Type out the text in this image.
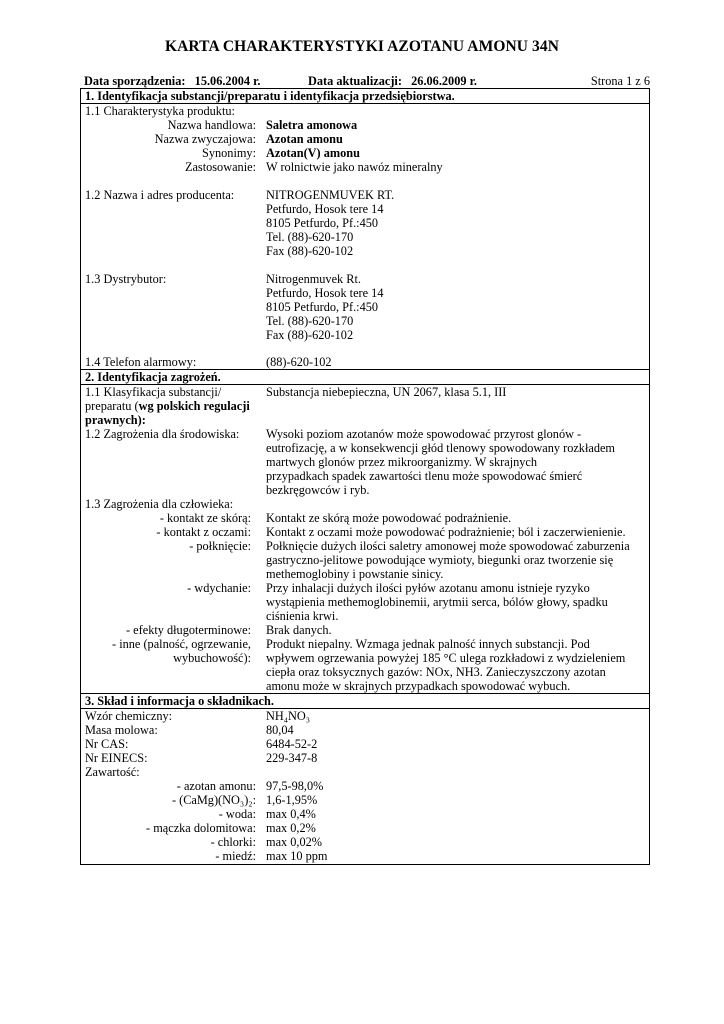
KARTA CHARAKTERYSTYKI AZOTANU AMONU 34N
Data sporządzenia: 15.06.2004 r.	Data aktualizacji: 26.06.2009 r.	Strona 1 z 6
1. Identyfikacja substancji/preparatu i identyfikacja przedsiębiorstwa.
1.1 Charakterystyka produktu:
Nazwa handlowa: Saletra amonowa
Nazwa zwyczajowa: Azotan amonu
Synonimy: Azotan(V) amonu
Zastosowanie: W rolnictwie jako nawóz mineralny
1.2 Nazwa i adres producenta:	NITROGENMUVEK RT.
Petfurdo, Hosok tere 14
8105 Petfurdo, Pf.:450
Tel. (88)-620-170
Fax (88)-620-102
1.3 Dystrybutor:	Nitrogenmuvek Rt.
Petfurdo, Hosok tere 14
8105 Petfurdo, Pf.:450
Tel. (88)-620-170
Fax (88)-620-102
1.4 Telefon alarmowy:	(88)-620-102
2. Identyfikacja zagrożeń.
1.1 Klasyfikacja substancji/
preparatu (wg polskich regulacji
prawnych):
Substancja niebepieczna, UN 2067, klasa 5.1, III
1.2 Zagrożenia dla środowiska: Wysoki poziom azotanów może spowodować przyrost glonów -
eutrofizację, a w konsekwencji głód tlenowy spowodowany rozkładem
martwych glonów przez mikroorganizmy. W skrajnych
przypadkach spadek zawartości tlenu może spowodować śmierć
bezkręgowców i ryb.
1.3 Zagrożenia dla człowieka:
- kontakt ze skórą: Kontakt ze skórą może powodować podrażnienie.
- kontakt z oczami: Kontakt z oczami może powodować podrażnienie; ból i zaczerwienienie.
- połknięcie: Połknięcie dużych ilości saletry amonowej może spowodować zaburzenia
gastryczno-jelitowe powodujące wymioty, biegunki oraz tworzenie się
methemoglobiny i powstanie sinicy.
- wdychanie: Przy inhalacji dużych ilości pyłów azotanu amonu istnieje ryzyko
wystąpienia methemoglobinemii, arytmii serca, bólów głowy, spadku
ciśnienia krwi.
- efekty długoterminowe: Brak danych.
- inne (palność, ogrzewanie,
wybuchowość):
Produkt niepalny. Wzmaga jednak palność innych substancji. Pod
wpływem ogrzewania powyżej 185 °C ulega rozkładowi z wydzieleniem
ciepła oraz toksycznych gazów: NOx, NH3. Zanieczyszczony azotan
amonu może w skrajnych przypadkach spowodować wybuch.
3. Skład i informacja o składnikach.
Wzór chemiczny:	NH₄NO₃
Masa molowa:	80,04
Nr CAS:	6484-52-2
Nr EINECS:	229-347-8
Zawartość:
- azotan amonu: 97,5-98,0%
- (CaMg)(NO₃)₂: 1,6-1,95%
- woda: max 0,4%
- mączka dolomitowa: max 0,2%
- chlorki: max 0,02%
- miedź: max 10 ppm
